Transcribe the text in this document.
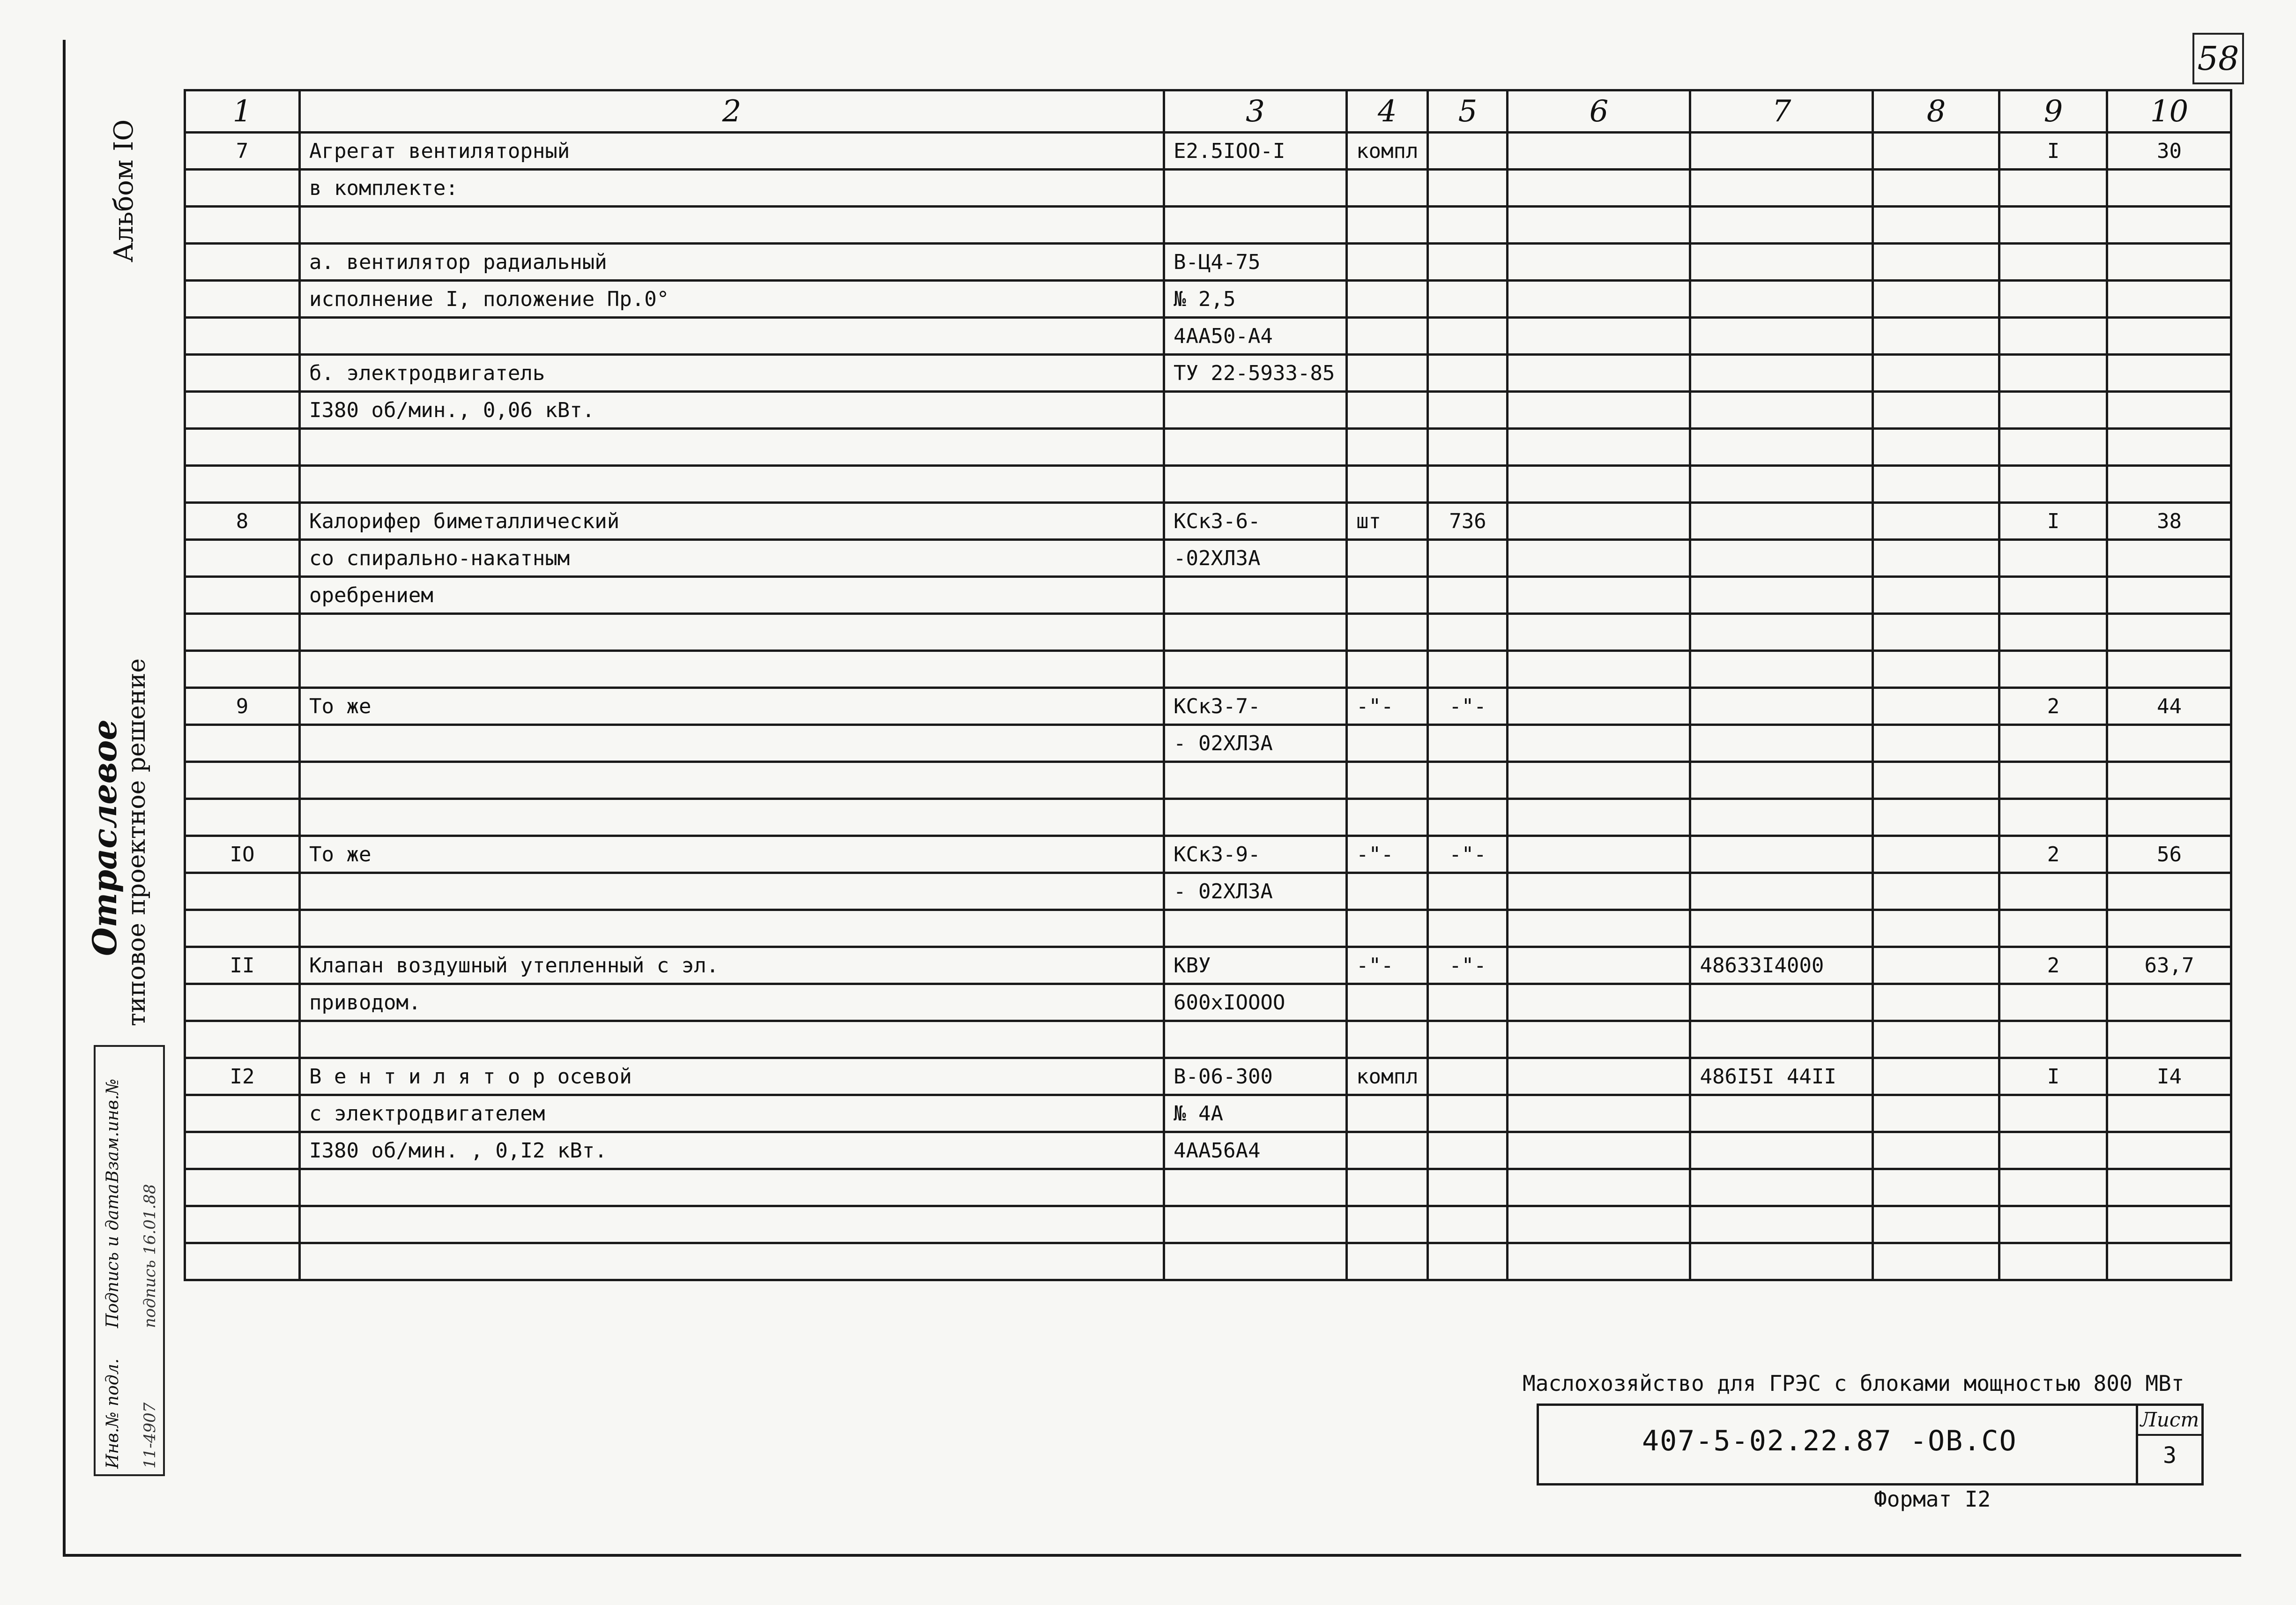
58
Альбом IO
Отраслевое
типовое проектное решение
Инв.№ подл.
Подпись и дата
Взам.инв.№
11-4907
подпись 16.01.88
1	2	3	4	5	6	7	8	9	10
7	Агрегат вентиляторный	Е2.5IOO-I	компл					I	30
	в комплекте:								

	а. вентилятор радиальный	В-Ц4-75							
	исполнение I, положение Пр.0°	№ 2,5							
		4АА50-А4							
	б. электродвигатель	ТУ 22-5933-85							
	I380 об/мин., 0,06 кВт.								

8	Калорифер биметаллический	КСк3-6-	шт	736				I	38
	со спирально-накатным	-02ХЛЗА							
	оребрением								

9	То же	КСк3-7-	-"-	-"-				2	44
		- 02ХЛЗА							

IO	То же	КСк3-9-	-"-	-"-				2	56
		- 02ХЛЗА							

II	Клапан воздушный утепленный с эл.	КВУ	-"-	-"-		48633I4000		2	63,7
	приводом.	600хIOOOO							

I2	В е н т и л я т о р осевой	В-06-300	компл			486I5I 44II		I	I4
	с электродвигателем	№ 4А							
	I380 об/мин. , 0,I2 кВт.	4АА56А4							

Маслохозяйство для ГРЭС с блоками мощностью 800 МВт
407-5-02.22.87 -ОВ.СО
Лист
3
Формат I2
